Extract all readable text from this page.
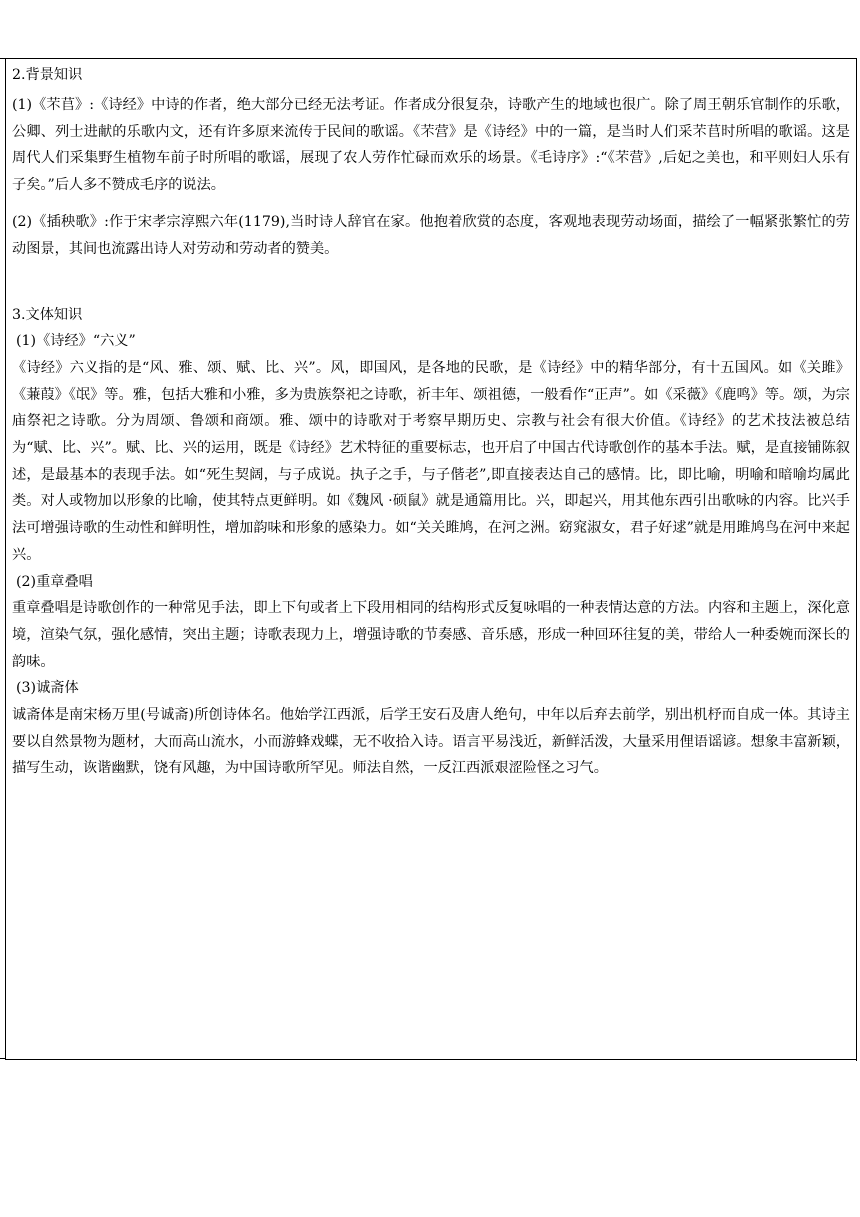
2.背景知识

(1)《芣苢》:《诗经》中诗的作者，绝大部分已经无法考证。作者成分很复杂，诗歌产生的地域也很广。除了周王朝乐官制作的乐歌，公卿、列士进献的乐歌内文，还有许多原来流传于民间的歌谣。《芣营》是《诗经》中的一篇，是当时人们采芣苢时所唱的歌谣。这是周代人们采集野生植物车前子时所唱的歌谣，展现了农人劳作忙碌而欢乐的场景。《毛诗序》:“《芣营》,后妃之美也，和平则妇人乐有子矣。”后人多不赞成毛序的说法。

(2)《插秧歌》:作于宋孝宗淳熙六年(1179),当时诗人辞官在家。他抱着欣赏的态度，客观地表现劳动场面，描绘了一幅紧张繁忙的劳动图景，其间也流露出诗人对劳动和劳动者的赞美。

3.文体知识

(1)《诗经》“六义”

《诗经》六义指的是“风、雅、颂、赋、比、兴”。风，即国风，是各地的民歌，是《诗经》中的精华部分，有十五国风。如《关雎》《蒹葭》《氓》等。雅，包括大雅和小雅，多为贵族祭祀之诗歌，祈丰年、颂祖德，一般看作“正声”。如《采薇》《鹿鸣》等。颂，为宗庙祭祀之诗歌。分为周颂、鲁颂和商颂。雅、颂中的诗歌对于考察早期历史、宗教与社会有很大价值。《诗经》的艺术技法被总结为“赋、比、兴”。赋、比、兴的运用，既是《诗经》艺术特征的重要标志，也开启了中国古代诗歌创作的基本手法。赋，是直接铺陈叙述，是最基本的表现手法。如“死生契阔，与子成说。执子之手，与子偕老”,即直接表达自己的感情。比，即比喻，明喻和暗喻均属此类。对人或物加以形象的比喻，使其特点更鲜明。如《魏风 ·硕鼠》就是通篇用比。兴，即起兴，用其他东西引出歌咏的内容。比兴手法可增强诗歌的生动性和鲜明性，增加韵味和形象的感染力。如“关关雎鸠，在河之洲。窈窕淑女，君子好逑”就是用雎鸠鸟在河中来起兴。

(2)重章叠唱

重章叠唱是诗歌创作的一种常见手法，即上下句或者上下段用相同的结构形式反复咏唱的一种表情达意的方法。内容和主题上，深化意境，渲染气氛，强化感情，突出主题；诗歌表现力上，增强诗歌的节奏感、音乐感，形成一种回环往复的美，带给人一种委婉而深长的韵味。

(3)诚斋体

诚斋体是南宋杨万里(号诚斋)所创诗体名。他始学江西派，后学王安石及唐人绝句，中年以后弃去前学，别出机杼而自成一体。其诗主要以自然景物为题材，大而高山流水，小而游蜂戏蝶，无不收拾入诗。语言平易浅近，新鲜活泼，大量采用俚语谣谚。想象丰富新颖，描写生动，诙谐幽默，饶有风趣，为中国诗歌所罕见。师法自然，一反江西派艰涩险怪之习气。
